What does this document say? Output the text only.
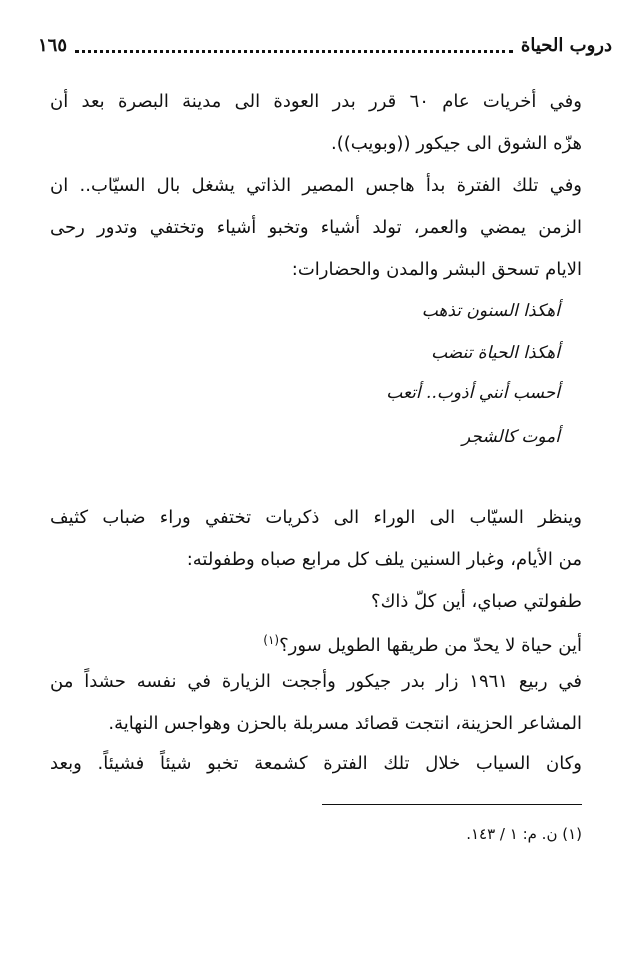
دروب الحياة
١٦٥
وفي أخريات عام ٦٠ قرر بدر العودة الى مدينة البصرة بعد أن
هزّه الشوق الى جيكور ((وبويب)).
وفي تلك الفترة بدأ هاجس المصير الذاتي يشغل بال السيّاب.. ان
الزمن يمضي والعمر، تولد أشياء وتخبو أشياء وتختفي وتدور رحى
الايام تسحق البشر والمدن والحضارات:
أهكذا السنون تذهب
أهكذا الحياة تنضب
أحسب أنني أذوب.. أتعب
أموت كالشجر
وينظر السيّاب الى الوراء الى ذكريات تختفي وراء ضباب كثيف
من الأيام، وغبار السنين يلف كل مرابع صباه وطفولته:
طفولتي صباي، أين كلّ ذاك؟
أين حياة لا يحدّ من طريقها الطويل سور؟$^{(١)}$
في ربيع ١٩٦١ زار بدر جيكور وأججت الزيارة في نفسه حشداً من
المشاعر الحزينة، انتجت قصائد مسربلة بالحزن وهواجس النهاية.
وكان السياب خلال تلك الفترة كشمعة تخبو شيئاً فشيئاً. وبعد
(١) ن. م: ١ / ١٤٣.
